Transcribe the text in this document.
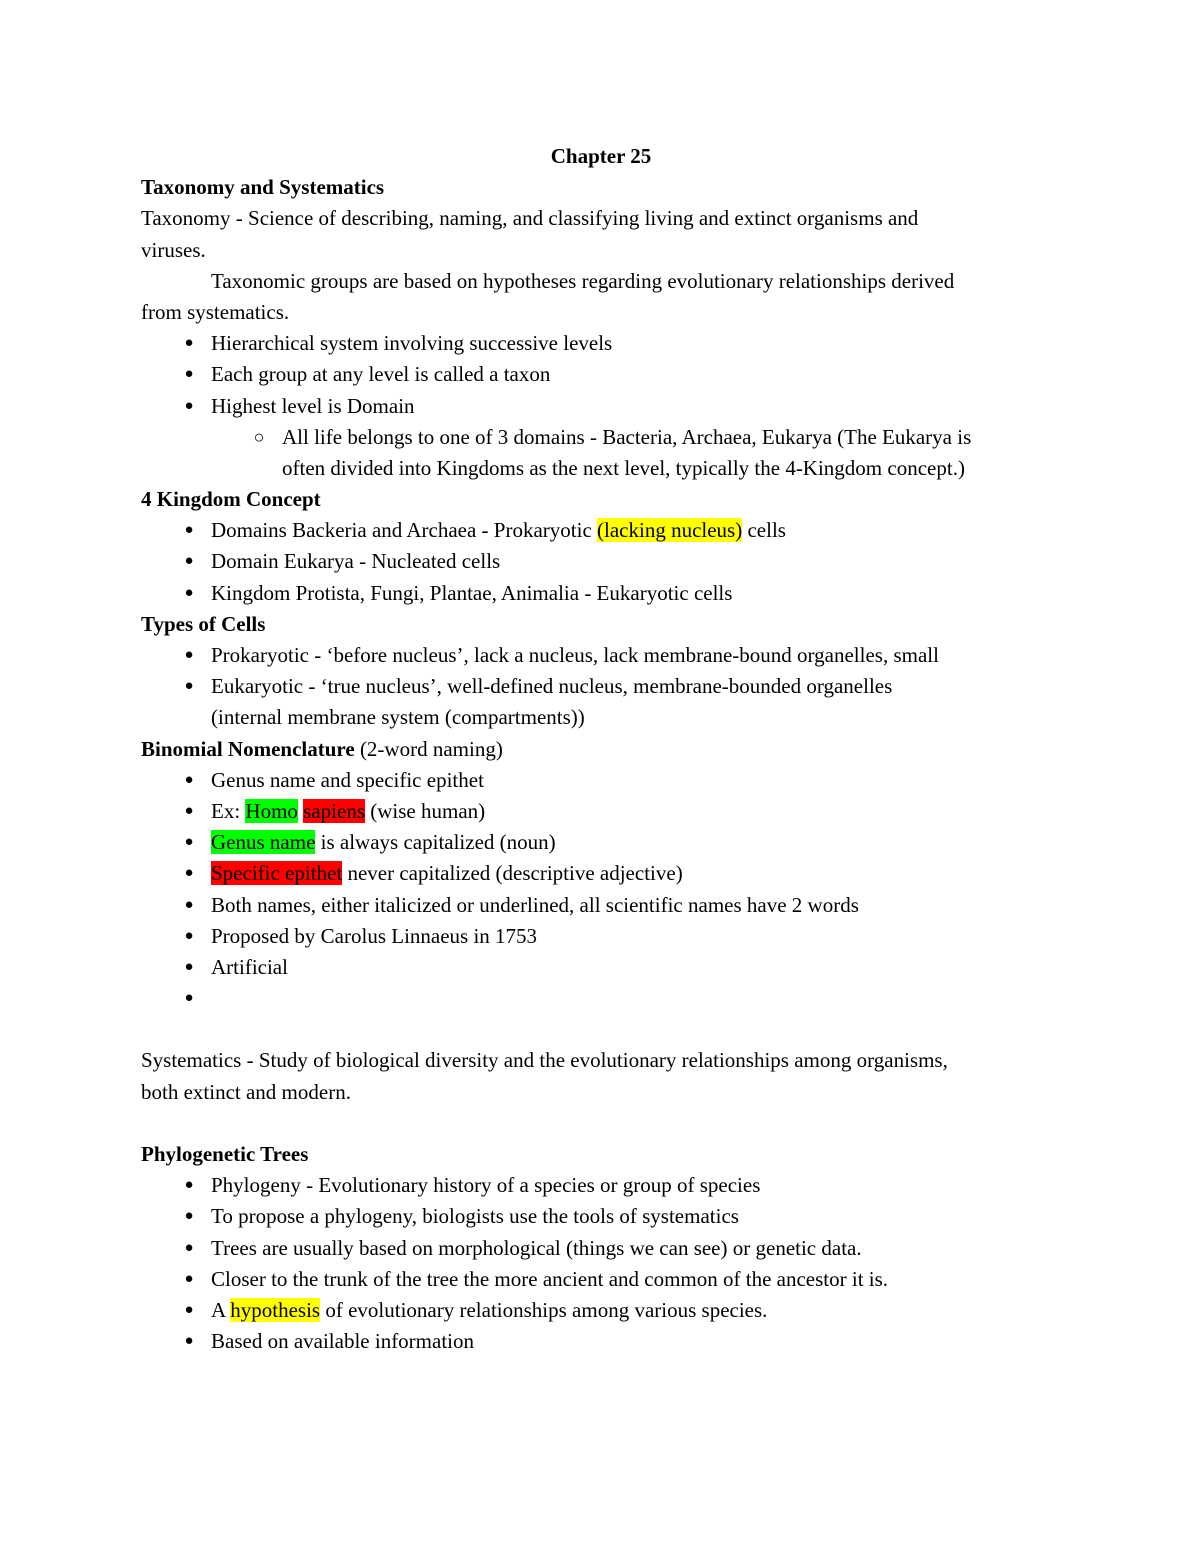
Chapter 25
Taxonomy and Systematics
Taxonomy - Science of describing, naming, and classifying living and extinct organisms and
viruses.
Taxonomic groups are based on hypotheses regarding evolutionary relationships derived
from systematics.
● Hierarchical system involving successive levels
● Each group at any level is called a taxon
● Highest level is Domain
○ All life belongs to one of 3 domains - Bacteria, Archaea, Eukarya (The Eukarya is
often divided into Kingdoms as the next level, typically the 4-Kingdom concept.)
4 Kingdom Concept
● Domains Backeria and Archaea - Prokaryotic (lacking nucleus) cells
● Domain Eukarya - Nucleated cells
● Kingdom Protista, Fungi, Plantae, Animalia - Eukaryotic cells
Types of Cells
● Prokaryotic - ‘before nucleus’, lack a nucleus, lack membrane-bound organelles, small
● Eukaryotic - ‘true nucleus’, well-defined nucleus, membrane-bounded organelles
(internal membrane system (compartments))
Binomial Nomenclature (2-word naming)
● Genus name and specific epithet
● Ex: Homo sapiens (wise human)
● Genus name is always capitalized (noun)
● Specific epithet never capitalized (descriptive adjective)
● Both names, either italicized or underlined, all scientific names have 2 words
● Proposed by Carolus Linnaeus in 1753
● Artificial
●
Systematics - Study of biological diversity and the evolutionary relationships among organisms,
both extinct and modern.
Phylogenetic Trees
● Phylogeny - Evolutionary history of a species or group of species
● To propose a phylogeny, biologists use the tools of systematics
● Trees are usually based on morphological (things we can see) or genetic data.
● Closer to the trunk of the tree the more ancient and common of the ancestor it is.
● A hypothesis of evolutionary relationships among various species.
● Based on available information
